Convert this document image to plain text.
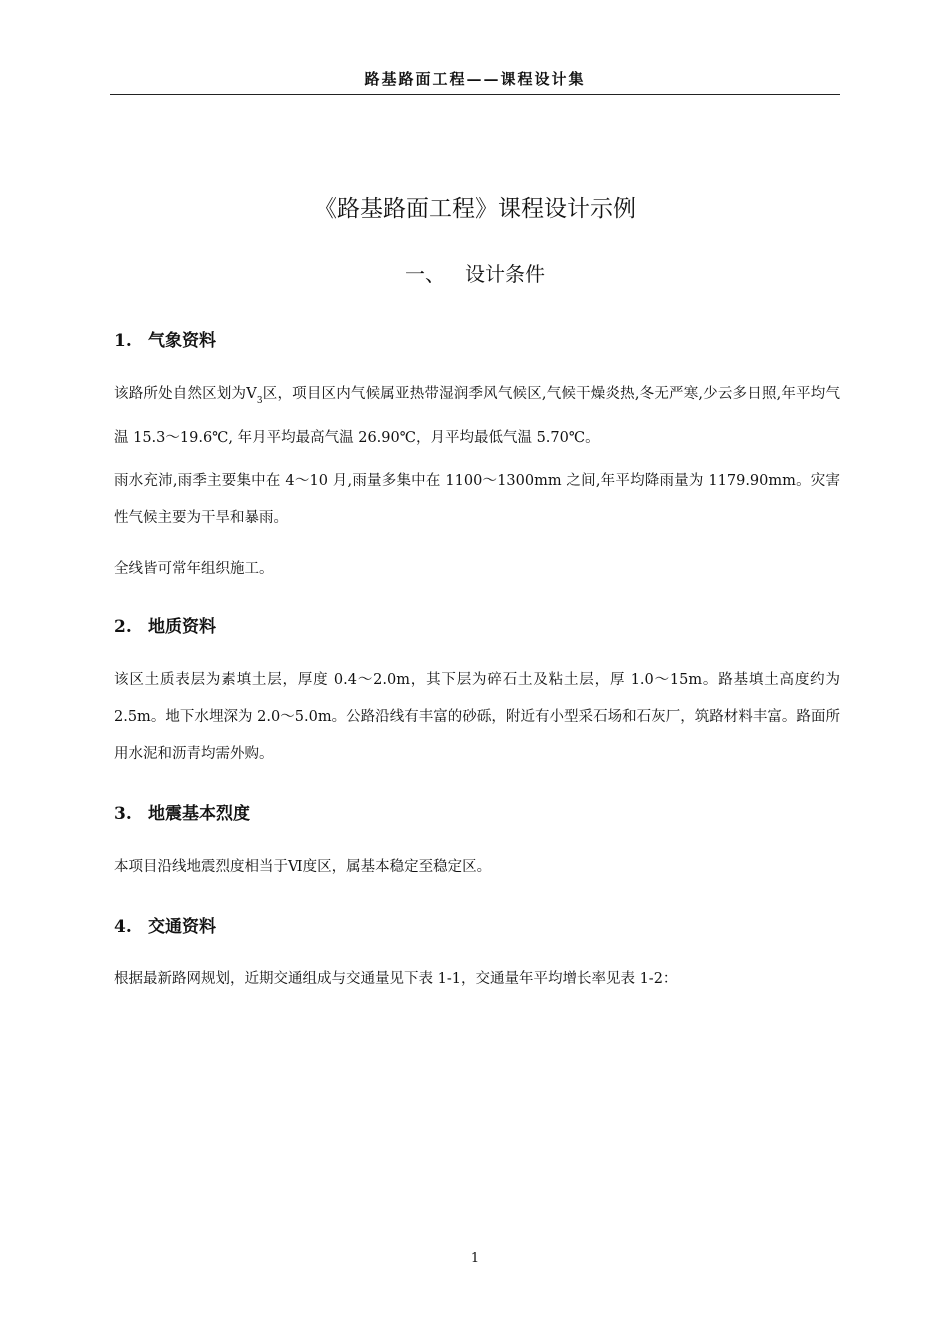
路基路面工程——课程设计集
《路基路面工程》课程设计示例
一、 设计条件
1. 气象资料

该路所处自然区划为$Ⅴ_3$区，项目区内气候属亚热带湿润季风气候区,气候干燥炎热,冬无严寒,少云多日照,年平均气温 15.3～19.6℃, 年月平均最高气温 26.90℃，月平均最低气温 5.70℃。

雨水充沛,雨季主要集中在 4～10 月,雨量多集中在 1100～1300mm 之间,年平均降雨量为 1179.90mm。灾害性气候主要为干旱和暴雨。
全线皆可常年组织施工。
2. 地质资料
该区土质表层为素填土层，厚度 0.4～2.0m，其下层为碎石土及粘土层，厚 1.0～15m。路基填土高度约为 2.5m。地下水埋深为 2.0～5.0m。公路沿线有丰富的砂砾，附近有小型采石场和石灰厂，筑路材料丰富。路面所用水泥和沥青均需外购。
3. 地震基本烈度
本项目沿线地震烈度相当于Ⅵ度区，属基本稳定至稳定区。
4. 交通资料
根据最新路网规划，近期交通组成与交通量见下表 1-1，交通量年平均增长率见表 1-2：
1
